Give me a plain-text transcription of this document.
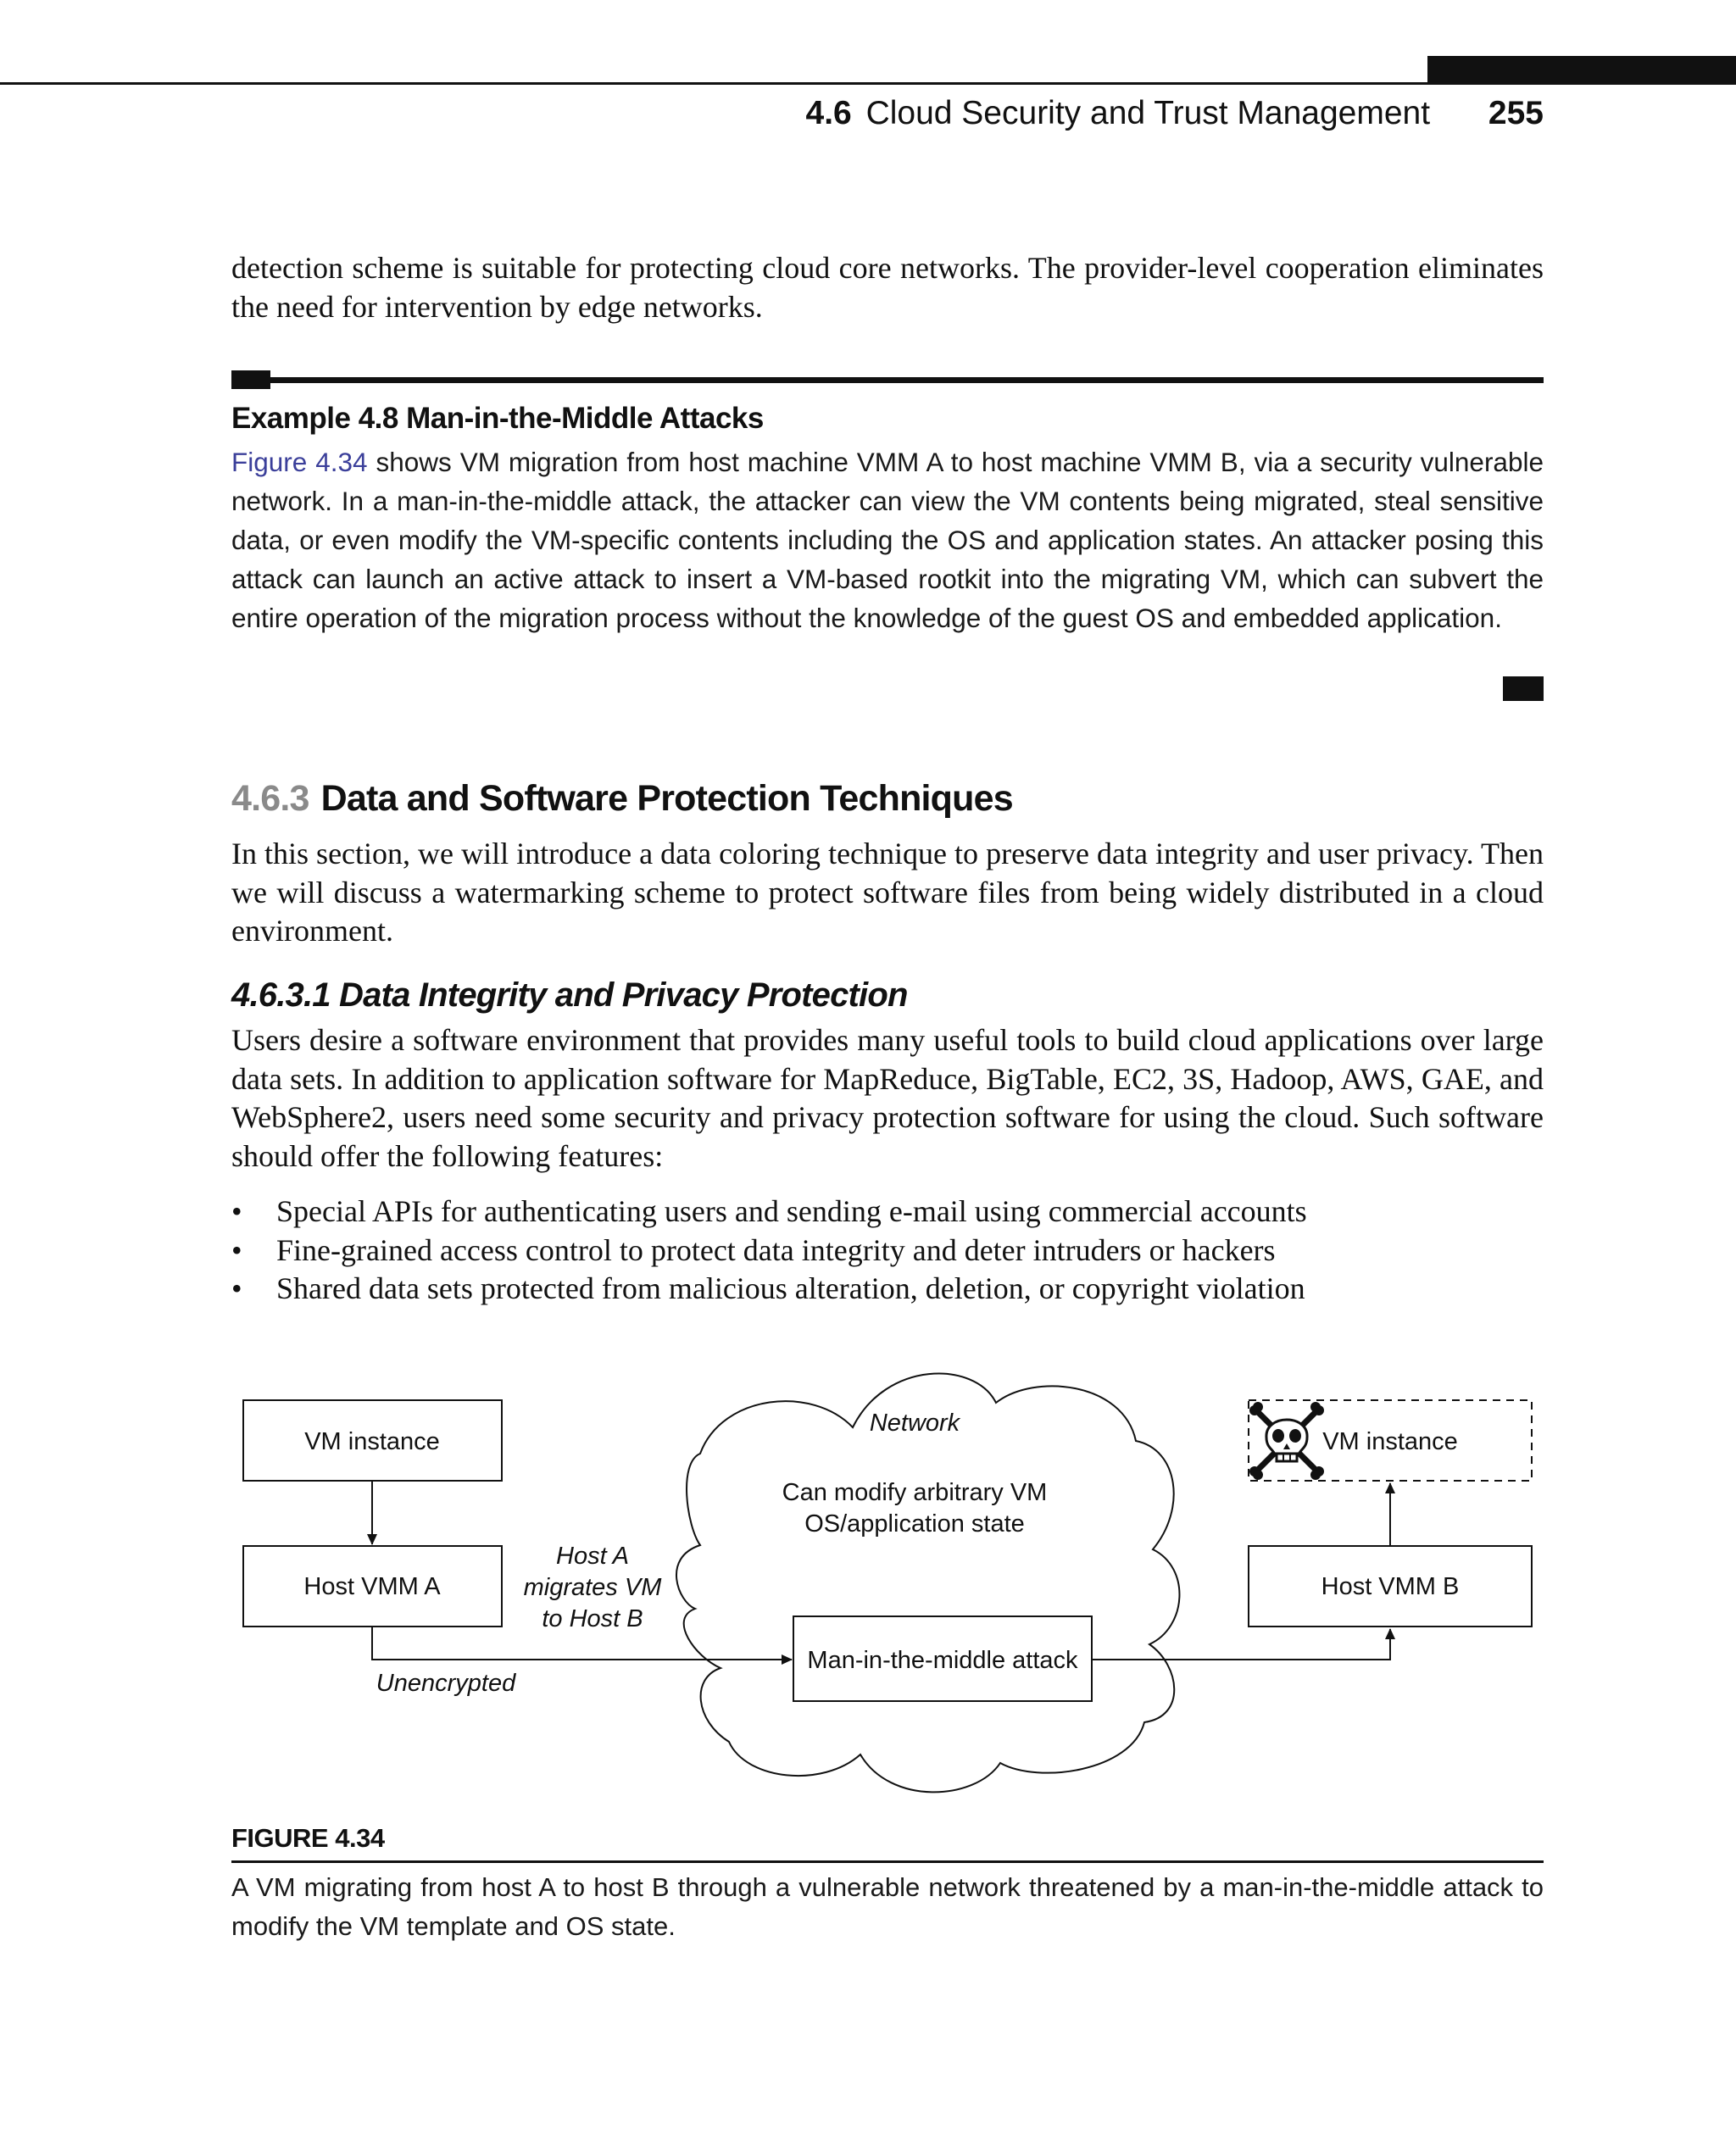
4.6 Cloud Security and Trust Management 255

detection scheme is suitable for protecting cloud core networks. The provider-level cooperation eliminates the need for intervention by edge networks.

Example 4.8 Man-in-the-Middle Attacks

Figure 4.34 shows VM migration from host machine VMM A to host machine VMM B, via a security vulnerable network. In a man-in-the-middle attack, the attacker can view the VM contents being migrated, steal sensitive data, or even modify the VM-specific contents including the OS and application states. An attacker posing this attack can launch an active attack to insert a VM-based rootkit into the migrating VM, which can subvert the entire operation of the migration process without the knowledge of the guest OS and embedded application.

4.6.3 Data and Software Protection Techniques

In this section, we will introduce a data coloring technique to preserve data integrity and user privacy. Then we will discuss a watermarking scheme to protect software files from being widely distributed in a cloud environment.

4.6.3.1 Data Integrity and Privacy Protection

Users desire a software environment that provides many useful tools to build cloud applications over large data sets. In addition to application software for MapReduce, BigTable, EC2, 3S, Hadoop, AWS, GAE, and WebSphere2, users need some security and privacy protection software for using the cloud. Such software should offer the following features:

• Special APIs for authenticating users and sending e-mail using commercial accounts
• Fine-grained access control to protect data integrity and deter intruders or hackers
• Shared data sets protected from malicious alteration, deletion, or copyright violation
Network
Can modify arbitrary VM
OS/application state
VM instance
Host VMM A
Host A
migrates VM
to Host B
Unencrypted
Man-in-the-middle attack
Host VMM B
VM instance
FIGURE 4.34

A VM migrating from host A to host B through a vulnerable network threatened by a man-in-the-middle attack to modify the VM template and OS state.
